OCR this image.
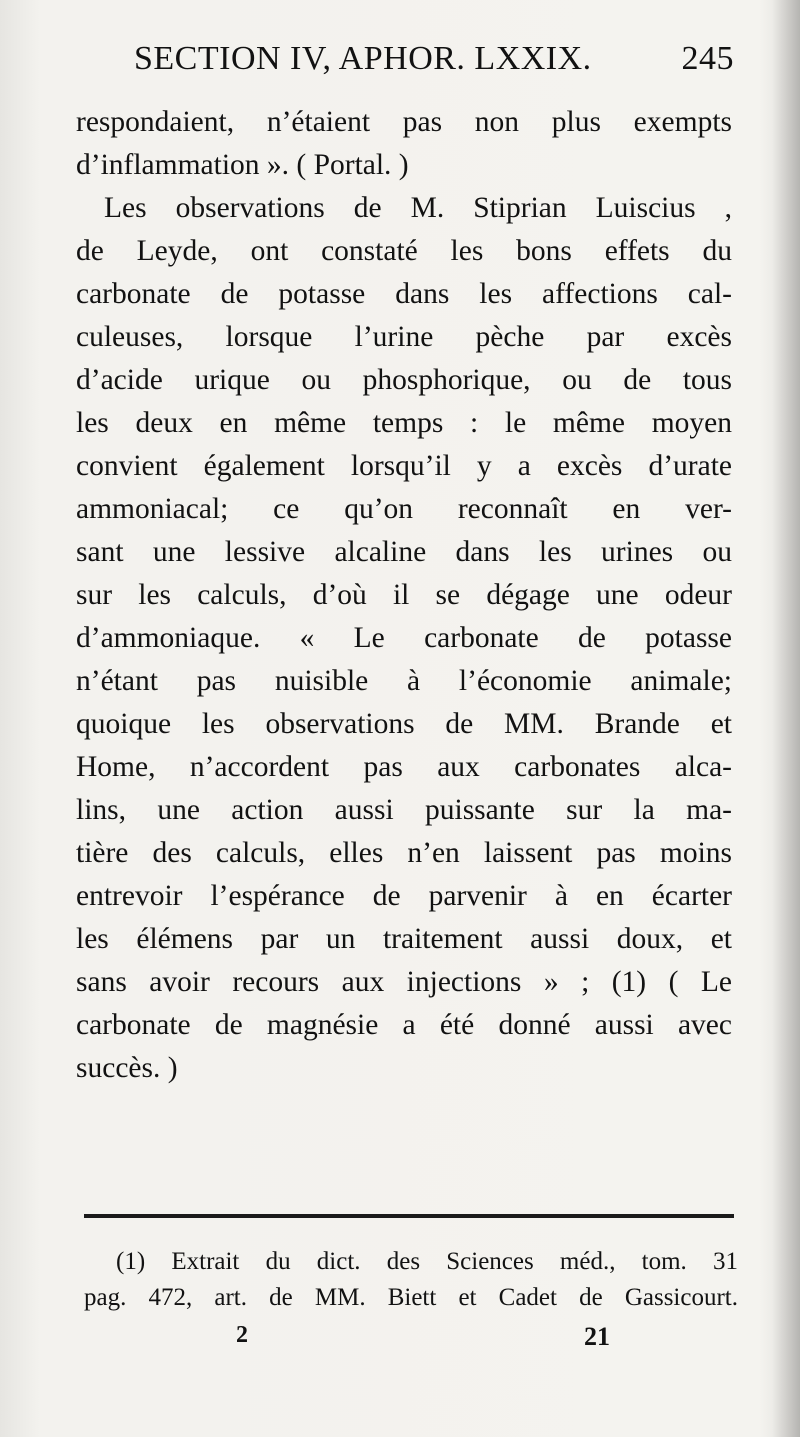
SECTION IV, APHOR. LXXIX.	245
respondaient, n’étaient pas non plus exempts
d’inflammation ». ( Portal. )
Les observations de M. Stiprian Luiscius ,
de Leyde, ont constaté les bons effets du
carbonate de potasse dans les affections cal-
culeuses, lorsque l’urine pèche par excès
d’acide urique ou phosphorique, ou de tous
les deux en même temps : le même moyen
convient également lorsqu’il y a excès d’urate
ammoniacal; ce qu’on reconnaît en ver-
sant une lessive alcaline dans les urines ou
sur les calculs, d’où il se dégage une odeur
d’ammoniaque. « Le carbonate de potasse
n’étant pas nuisible à l’économie animale;
quoique les observations de MM. Brande et
Home, n’accordent pas aux carbonates alca-
lins, une action aussi puissante sur la ma-
tière des calculs, elles n’en laissent pas moins
entrevoir l’espérance de parvenir à en écarter
les élémens par un traitement aussi doux, et
sans avoir recours aux injections » ; (1) ( Le
carbonate de magnésie a été donné aussi avec
succès. )
(1) Extrait du dict. des Sciences méd., tom. 31
pag. 472, art. de MM. Biett et Cadet de Gassicourt.
2	21
